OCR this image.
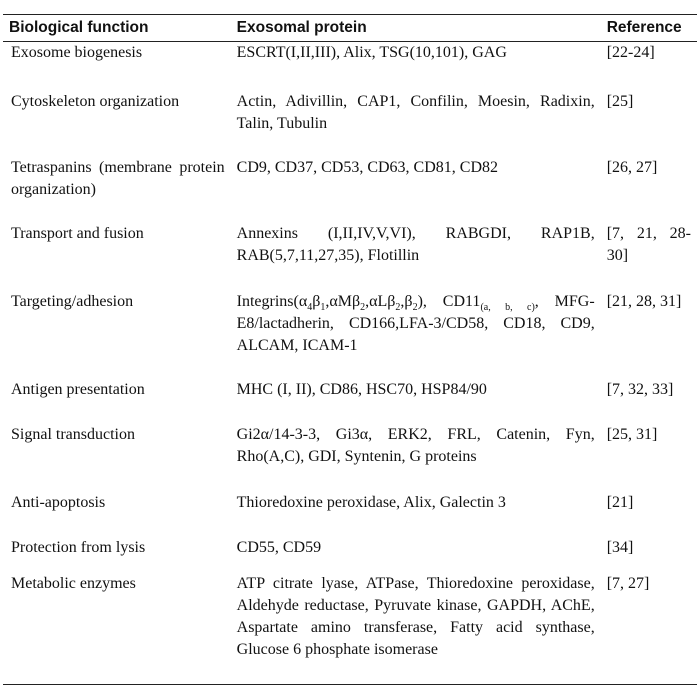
Biological function	Exosomal protein	Reference
Exosome biogenesis	ESCRT(I,II,III), Alix, TSG(10,101), GAG	[22-24]
Cytoskeleton organization	Actin, Adivillin, CAP1, Confilin, Moesin, Radixin, Talin, Tubulin	[25]

Tetraspanins (membrane protein organization)	CD9, CD37, CD53, CD63, CD81, CD82	[26, 27]
Transport and fusion	Annexins (I,II,IV,V,VI), RABGDI, RAP1B, RAB(5,7,11,27,35), Flotillin	[7, 21, 28-30]
Targeting/adhesion	$Integrins(\alpha_4\beta_1,\alpha M\beta_2,\alpha L\beta_2,\beta_2)$, $CD11_{(a, b, c)}$, MFG-E8/lactadherin, CD166,LFA-3/CD58, CD18, CD9, ALCAM, ICAM-1	[21, 28, 31]
Antigen presentation	MHC (I, II), CD86, HSC70, HSP84/90	[7, 32, 33]
Signal transduction	Gi2α/14-3-3, Gi3α, ERK2, FRL, Catenin, Fyn, Rho(A,C), GDI, Syntenin, G proteins	[25, 31]
Anti-apoptosis	Thioredoxine peroxidase, Alix, Galectin 3	[21]
Protection from lysis	CD55, CD59	[34]
Metabolic enzymes	ATP citrate lyase, ATPase, Thioredoxine peroxidase, Aldehyde reductase, Pyruvate kinase, GAPDH, AChE, Aspartate amino transferase, Fatty acid synthase, Glucose 6 phosphate isomerase	[7, 27]
